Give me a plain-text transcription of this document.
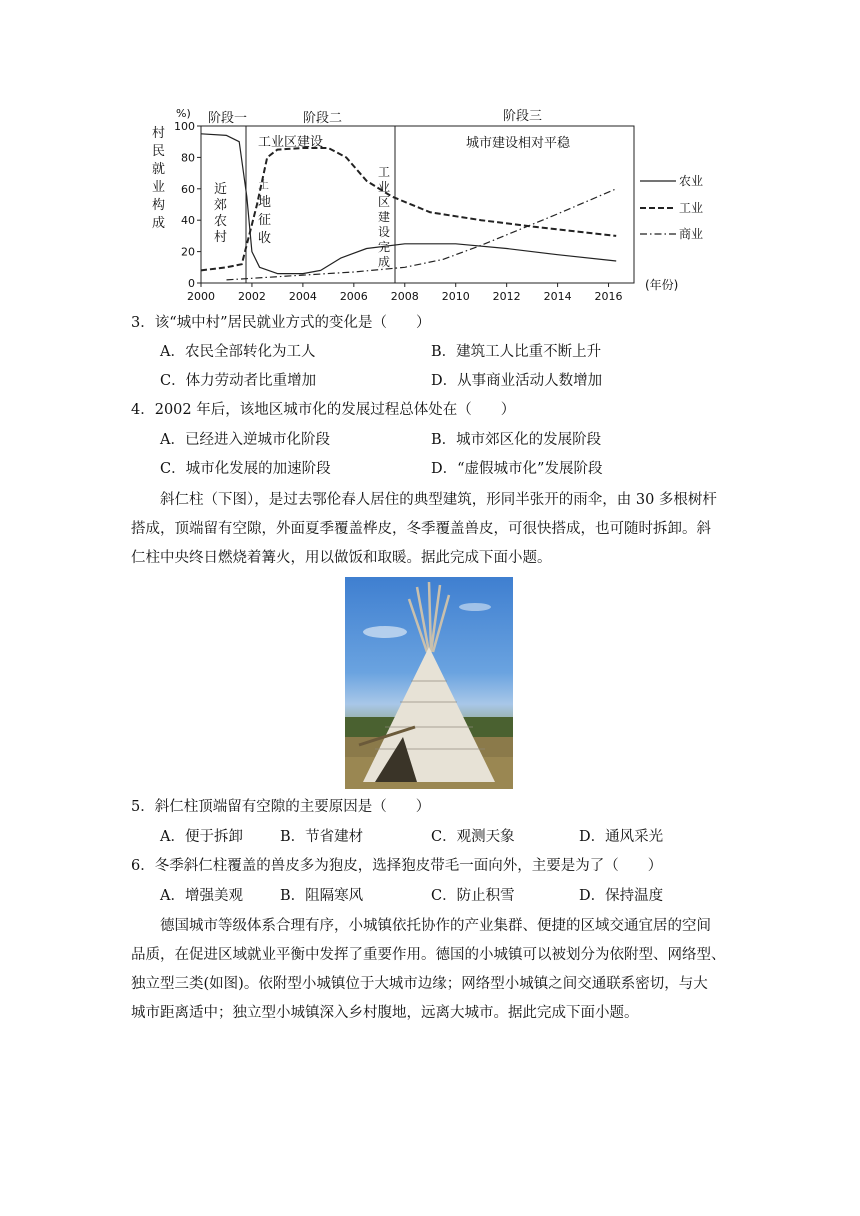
%)
村
民
就
业
构
成
阶段一	阶段二	阶段三
工业区建设	城市建设相对平稳
近
郊
农
村
土
地
征
收
工
业
区
建
设
完
成
100
80
60
40
20
0
2000 2002 2004 2006 2008 2010 2012 2014 2016
农业
工业
商业
(年份)
3．该“城中村”居民就业方式的变化是（　　）
A．农民全部转化为工人	B．建筑工人比重不断上升
C．体力劳动者比重增加	D．从事商业活动人数增加
4．2002 年后，该地区城市化的发展过程总体处在（　　）
A．已经进入逆城市化阶段	B．城市郊区化的发展阶段
C．城市化发展的加速阶段	D．“虚假城市化”发展阶段
斜仁柱（下图），是过去鄂伦春人居住的典型建筑，形同半张开的雨伞，由 30 多根树杆
搭成，顶端留有空隙，外面夏季覆盖桦皮，冬季覆盖兽皮，可很快搭成，也可随时拆卸。斜
仁柱中央终日燃烧着篝火，用以做饭和取暖。据此完成下面小题。
5．斜仁柱顶端留有空隙的主要原因是（　　）
A．便于拆卸	B．节省建材	C．观测天象	D．通风采光
6．冬季斜仁柱覆盖的兽皮多为狍皮，选择狍皮带毛一面向外，主要是为了（　　）
A．增强美观	B．阻隔寒风	C．防止积雪	D．保持温度
德国城市等级体系合理有序，小城镇依托协作的产业集群、便捷的区域交通宜居的空间
品质，在促进区域就业平衡中发挥了重要作用。德国的小城镇可以被划分为依附型、网络型、
独立型三类(如图)。依附型小城镇位于大城市边缘；网络型小城镇之间交通联系密切，与大
城市距离适中；独立型小城镇深入乡村腹地，远离大城市。据此完成下面小题。
